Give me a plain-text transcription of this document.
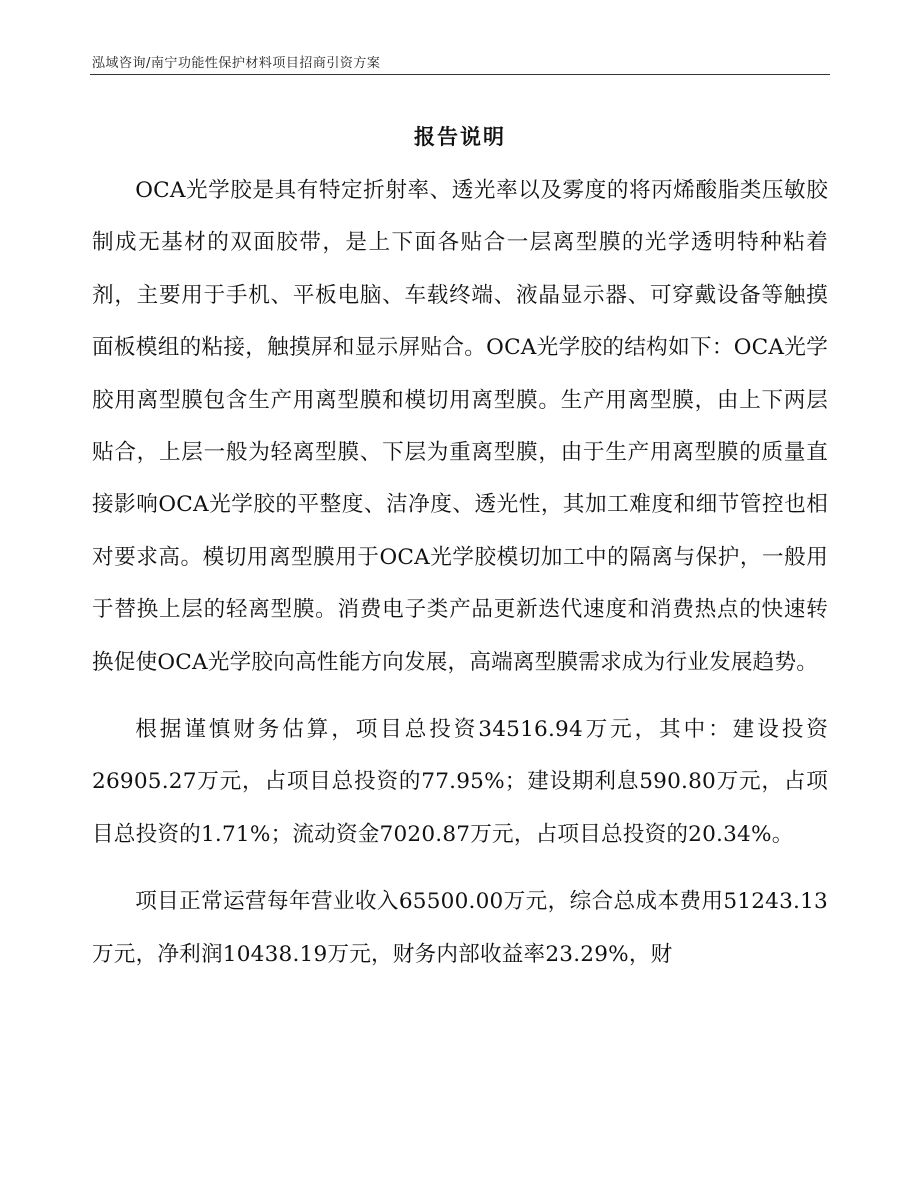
泓域咨询/南宁功能性保护材料项目招商引资方案
报告说明

OCA光学胶是具有特定折射率、透光率以及雾度的将丙烯酸脂类压敏胶制成无基材的双面胶带，是上下面各贴合一层离型膜的光学透明特种粘着剂，主要用于手机、平板电脑、车载终端、液晶显示器、可穿戴设备等触摸面板模组的粘接，触摸屏和显示屏贴合。OCA光学胶的结构如下：OCA光学胶用离型膜包含生产用离型膜和模切用离型膜。生产用离型膜，由上下两层贴合，上层一般为轻离型膜、下层为重离型膜，由于生产用离型膜的质量直接影响OCA光学胶的平整度、洁净度、透光性，其加工难度和细节管控也相对要求高。模切用离型膜用于OCA光学胶模切加工中的隔离与保护，一般用于替换上层的轻离型膜。消费电子类产品更新迭代速度和消费热点的快速转换促使OCA光学胶向高性能方向发展，高端离型膜需求成为行业发展趋势。

根据谨慎财务估算，项目总投资34516.94万元，其中：建设投资26905.27万元，占项目总投资的77.95%；建设期利息590.80万元，占项目总投资的1.71%；流动资金7020.87万元，占项目总投资的20.34%。

项目正常运营每年营业收入65500.00万元，综合总成本费用51243.13万元，净利润10438.19万元，财务内部收益率23.29%，财
